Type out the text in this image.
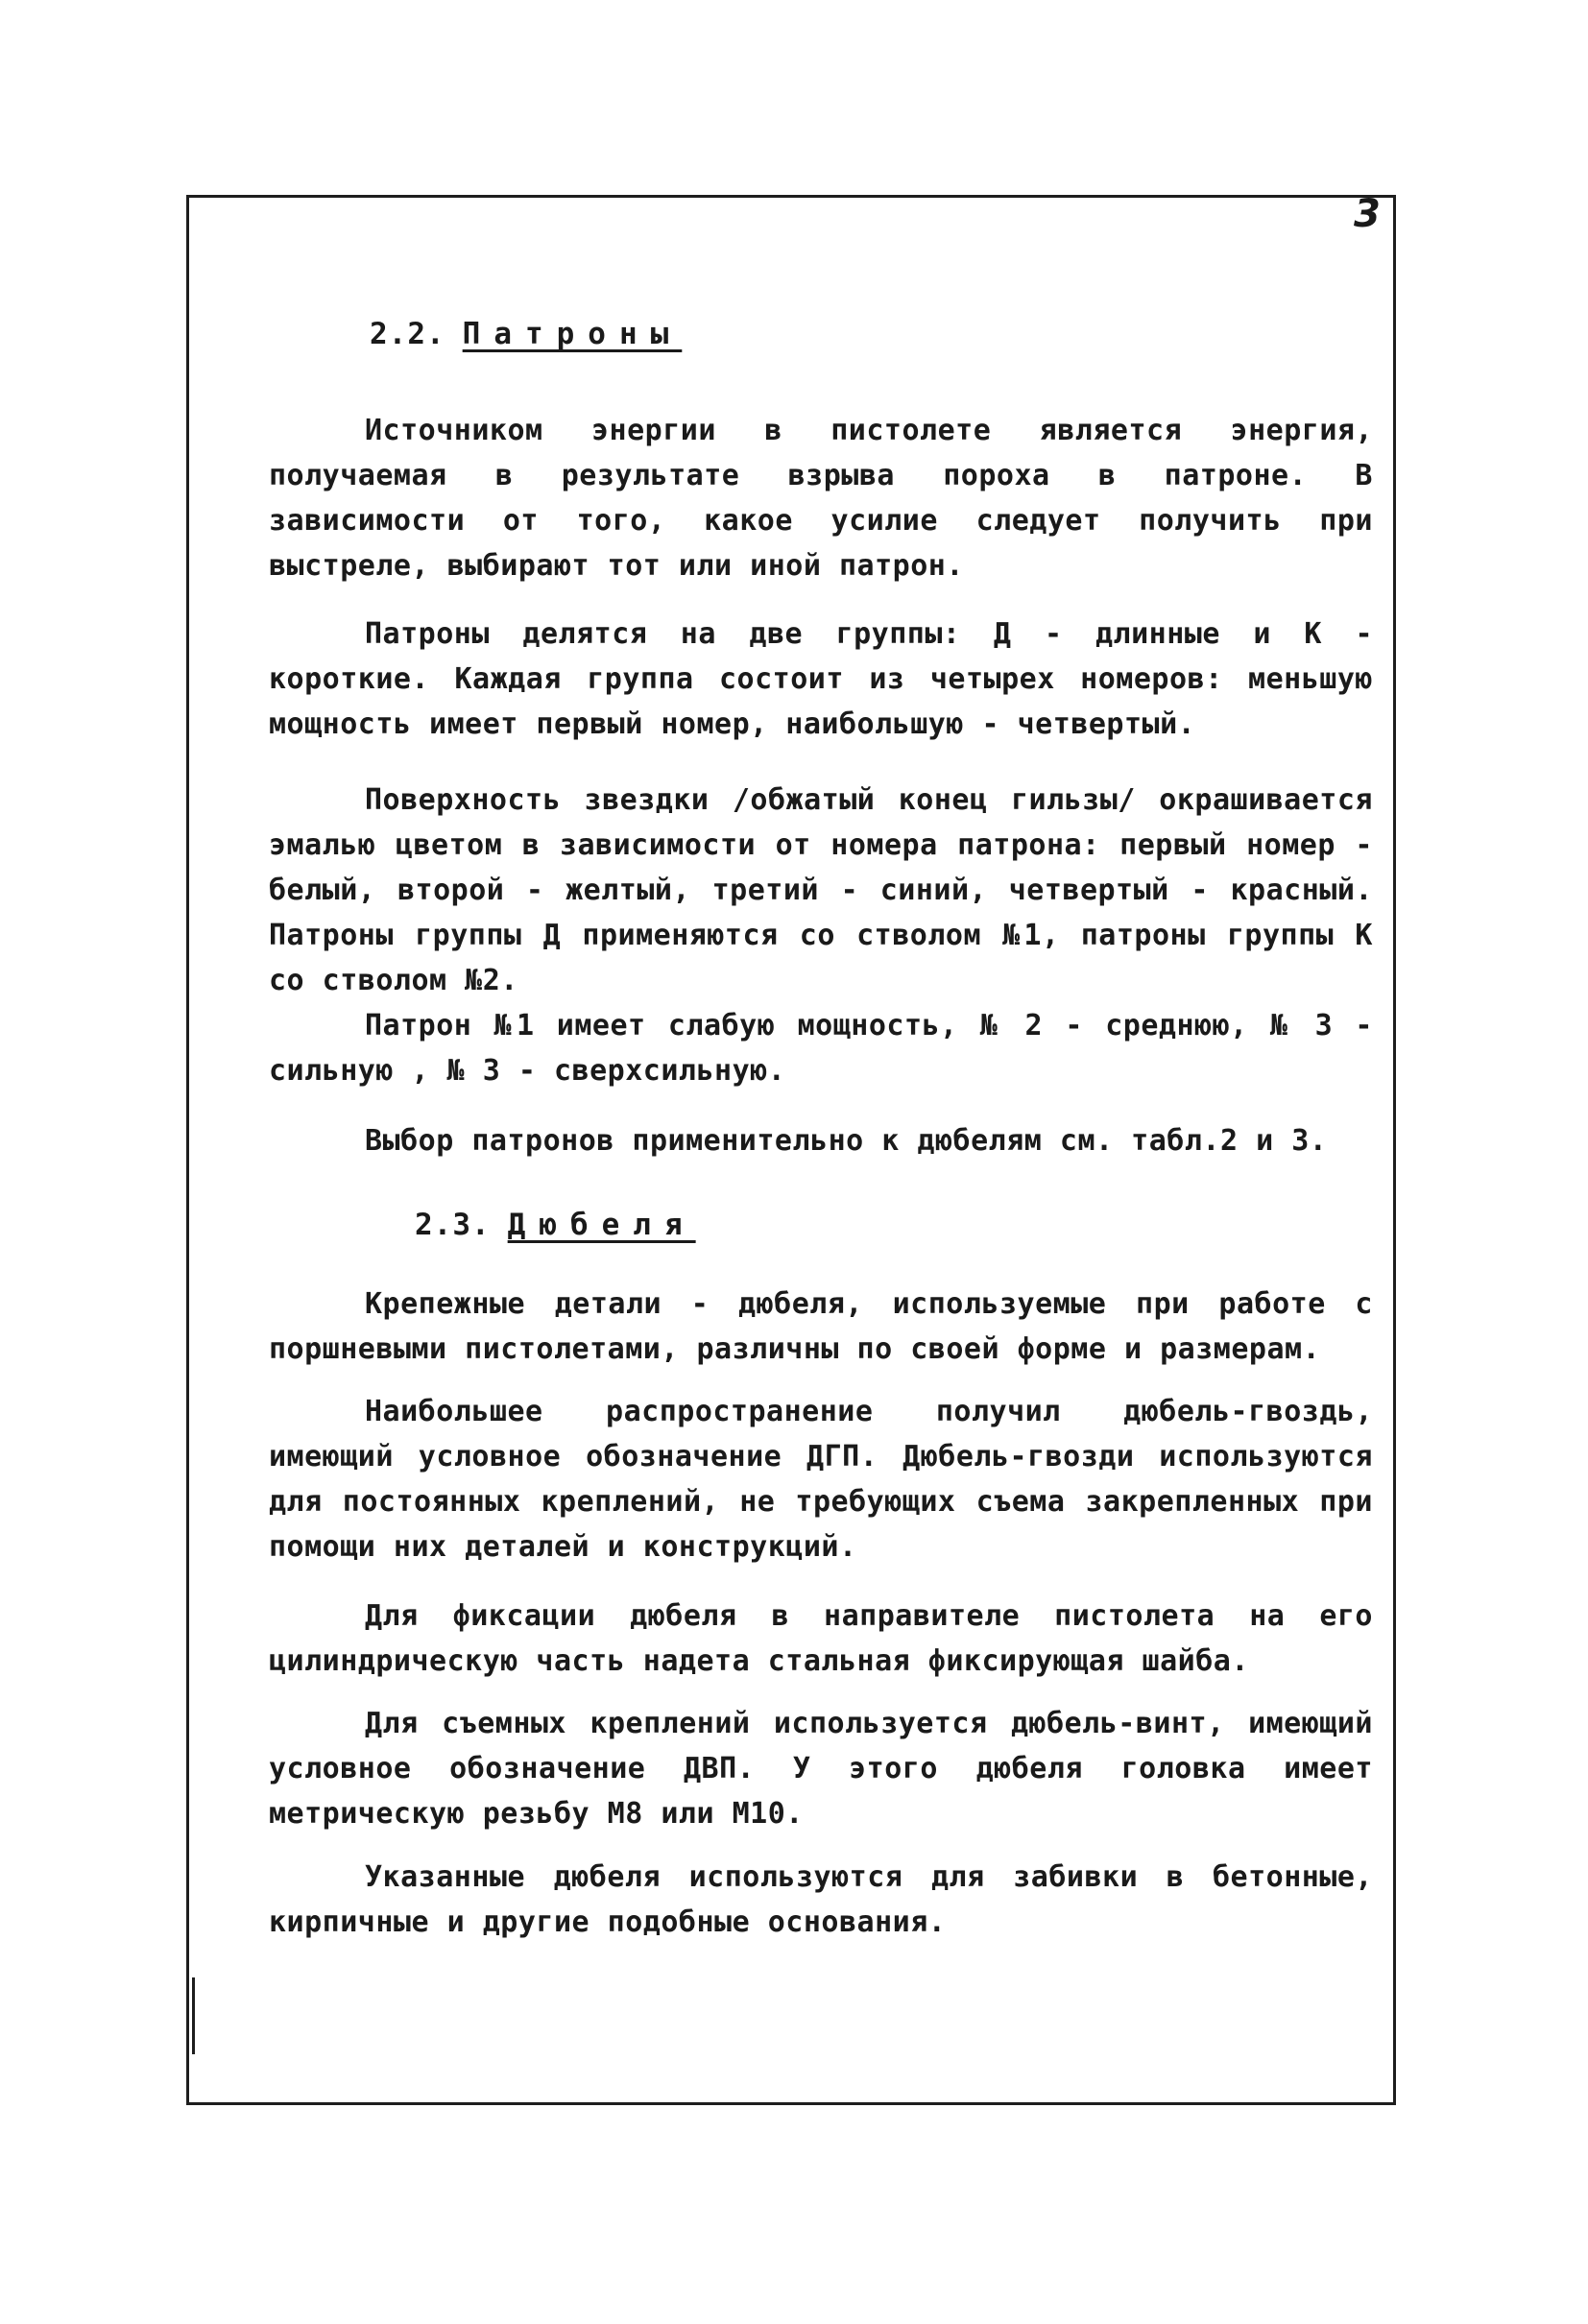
3
2.2. Патроны

Источником энергии в пистолете является энергия, получаемая в результате взрыва пороха в патроне. В зависимости от того, какое усилие следует получить при выстреле, выбирают тот или иной патрон.

Патроны делятся на две группы: Д - длинные и К - короткие. Каждая группа состоит из четырех номеров: меньшую мощность имеет первый номер, наибольшую - четвертый.

Поверхность звездки /обжатый конец гильзы/ окрашивается эмалью цветом в зависимости от номера патрона: первый номер - белый, второй - желтый, третий - синий, четвертый - красный. Патроны группы Д применяются со стволом №1, патроны группы К со стволом №2.

Патрон №1 имеет слабую мощность, № 2 - среднюю, № 3 - сильную , № 3 - сверхсильную.

Выбор патронов применительно к дюбелям см. табл.2 и 3.

2.3. Дюбеля

Крепежные детали - дюбеля, используемые при работе с поршневыми пистолетами, различны по своей форме и размерам.

Наибольшее распространение получил дюбель-гвоздь, имеющий условное обозначение ДГП. Дюбель-гвозди используются для постоянных креплений, не требующих съема закрепленных при помощи них деталей и конструкций.

Для фиксации дюбеля в направителе пистолета на его цилиндрическую часть надета стальная фиксирующая шайба.

Для съемных креплений используется дюбель-винт, имеющий условное обозначение ДВП. У этого дюбеля головка имеет метрическую резьбу М8 или М10.

Указанные дюбеля используются для забивки в бетонные, кирпичные и другие подобные основания.
